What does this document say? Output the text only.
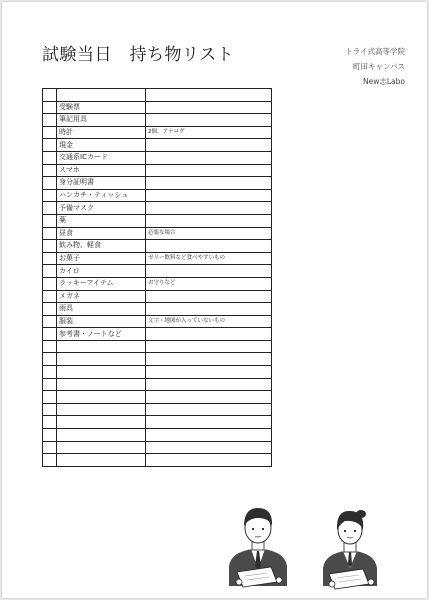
試験当日　持ち物リスト	トライ式高等学院
町田キャンパス
New志Labo

	受験票	
	筆記用具	
	時計	2個、アナログ
	現金	
	交通系ICカード	
	スマホ	
	身分証明書	
	ハンカチ・ティッシュ	
	予備マスク	
	薬	
	昼食	必要な場合
	飲み物、軽食	
	お菓子	ゼリー飲料など食べやすいもの
	カイロ	
	ラッキーアイテム	お守りなど
	メガネ	
	雨具	
	服装	文字・地図が入っていないもの
	参考書・ノートなど	
